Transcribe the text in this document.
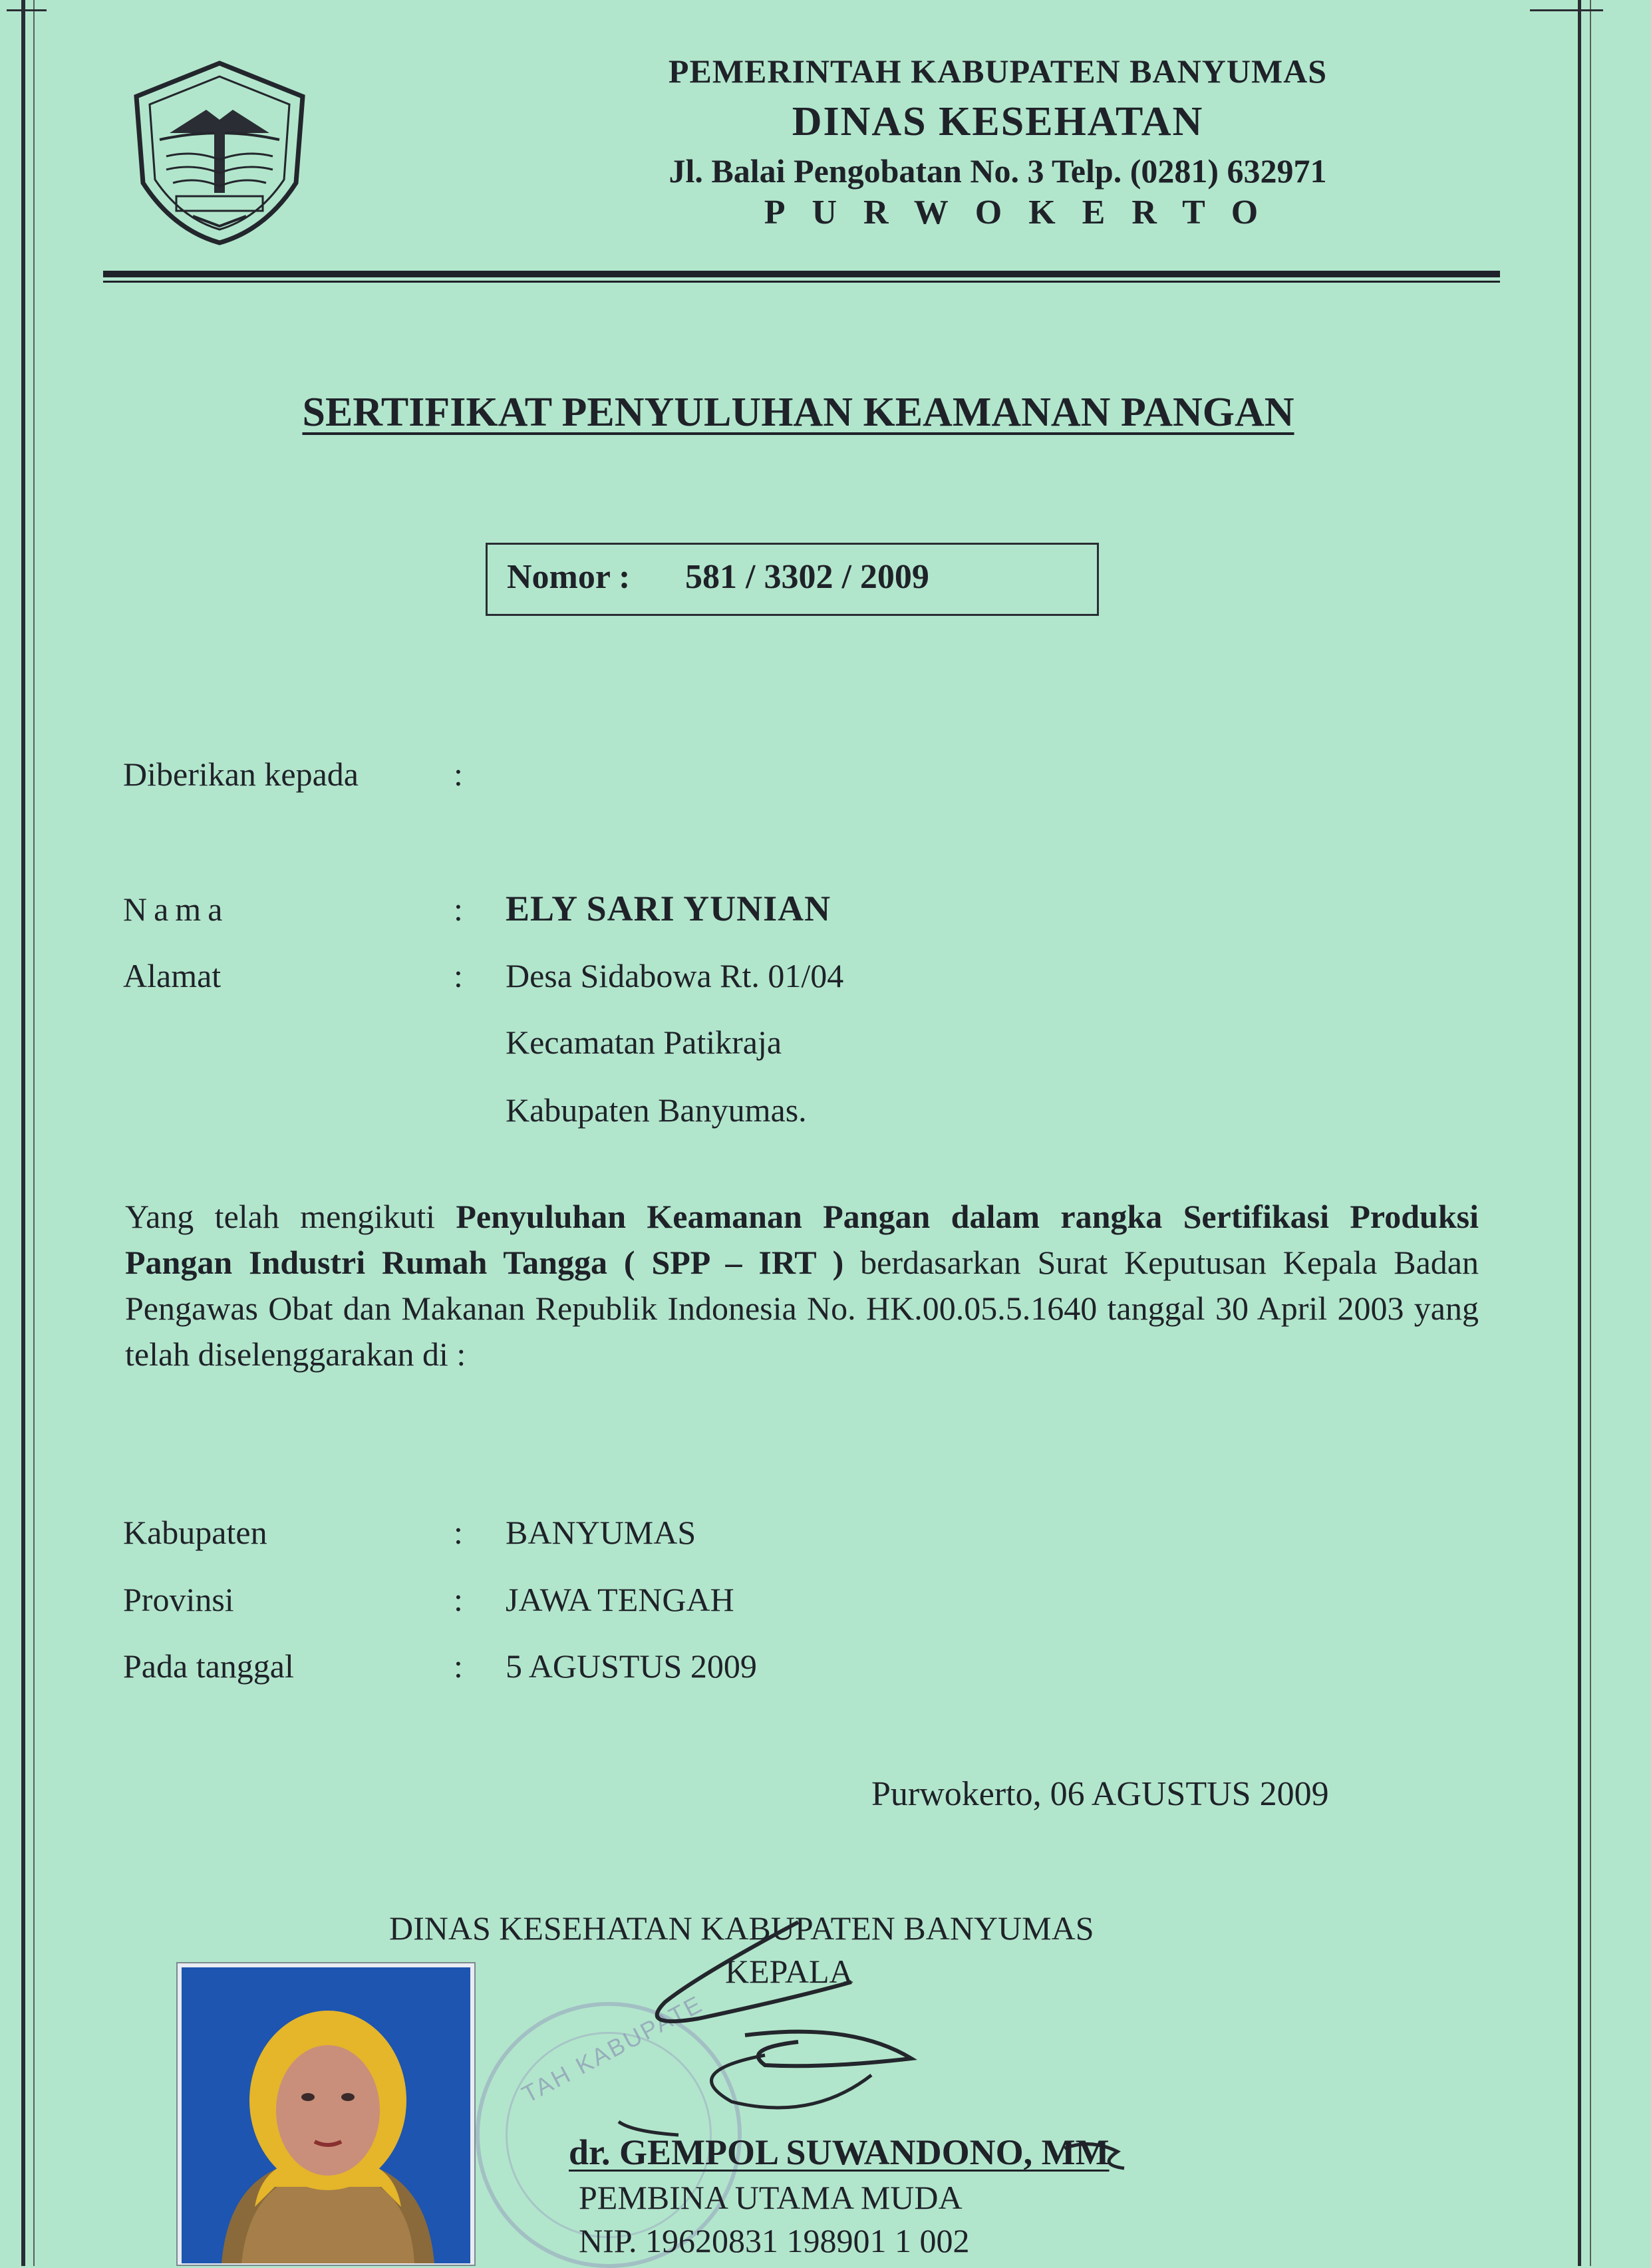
PEMERINTAH KABUPATEN BANYUMAS
DINAS KESEHATAN
Jl. Balai Pengobatan No. 3 Telp. (0281) 632971
PURWOKERTO
SERTIFIKAT PENYULUHAN KEAMANAN PANGAN
Nomor : 581 / 3302 / 2009
Diberikan kepada	:
Nama	: ELY SARI YUNIAN
Alamat	: Desa Sidabowa Rt. 01/04
Kecamatan Patikraja
Kabupaten Banyumas.
Yang telah mengikuti Penyuluhan Keamanan Pangan dalam rangka Sertifikasi Produksi Pangan Industri Rumah Tangga ( SPP – IRT ) berdasarkan Surat Keputusan Kepala Badan Pengawas Obat dan Makanan Republik Indonesia No. HK.00.05.5.1640 tanggal 30 April 2003 yang telah diselenggarakan di :
Kabupaten	: BANYUMAS
Provinsi	: JAWA TENGAH
Pada tanggal	: 5 AGUSTUS 2009
Purwokerto, 06 AGUSTUS 2009
TAH KABUPATE
DINAS KESEHATAN KABUPATEN BANYUMAS
KEPALA
dr. GEMPOL SUWANDONO, MM
PEMBINA UTAMA MUDA
NIP. 19620831 198901 1 002
